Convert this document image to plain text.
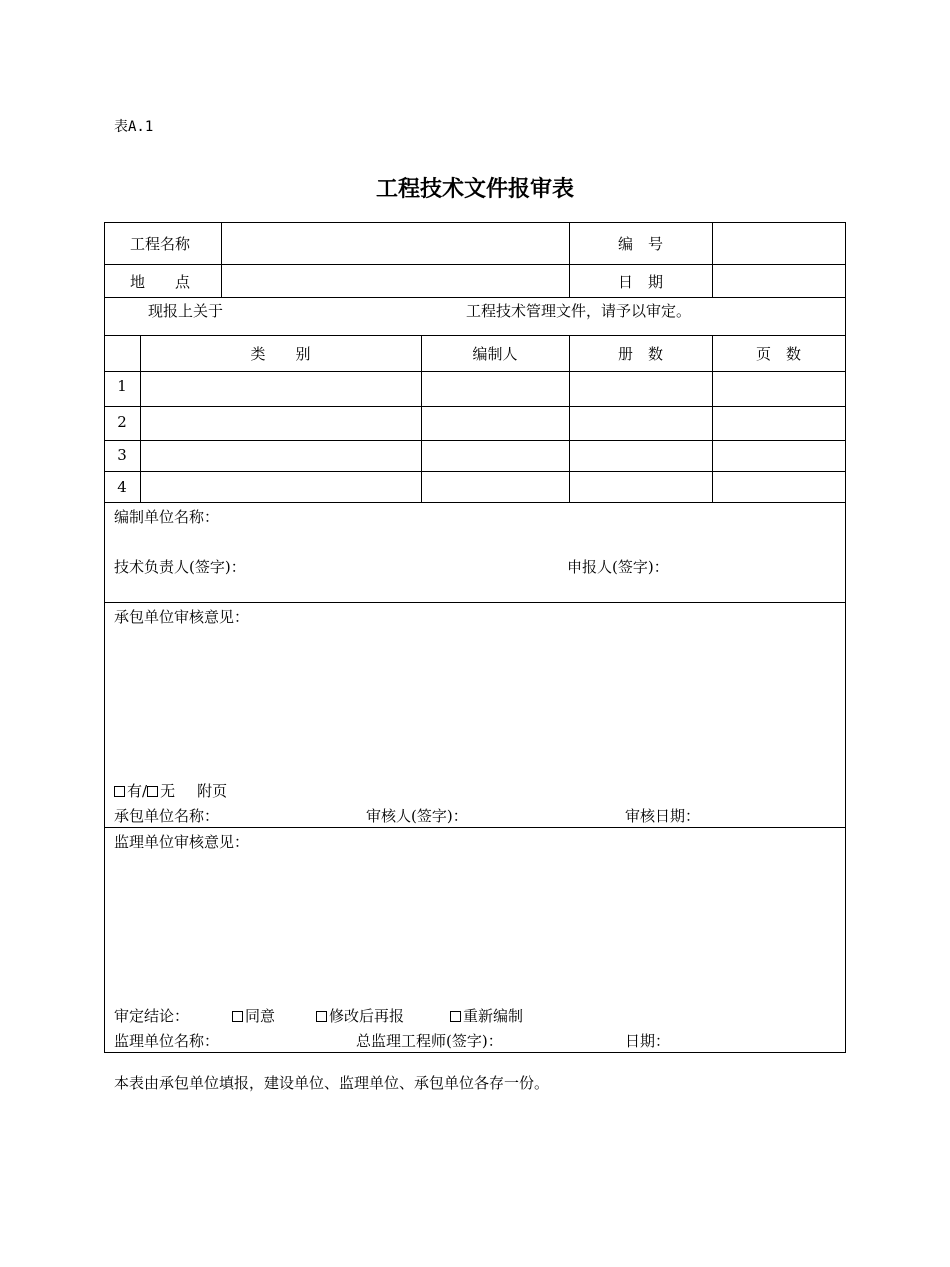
表A.1
工程技术文件报审表
工程名称	编　号
地　　点	日　期
现报上关于	工程技术管理文件，请予以审定。
类　　别	编制人	册　数	页　数
1
2
3
4
编制单位名称：
技术负责人(签字)：	申报人(签字)：
承包单位审核意见：
有/ 无 附页
承包单位名称：	审核人(签字)：	审核日期：
监理单位审核意见：
审定结论：	同意	修改后再报	重新编制
监理单位名称：	总监理工程师(签字)：	日期：
本表由承包单位填报，建设单位、监理单位、承包单位各存一份。
